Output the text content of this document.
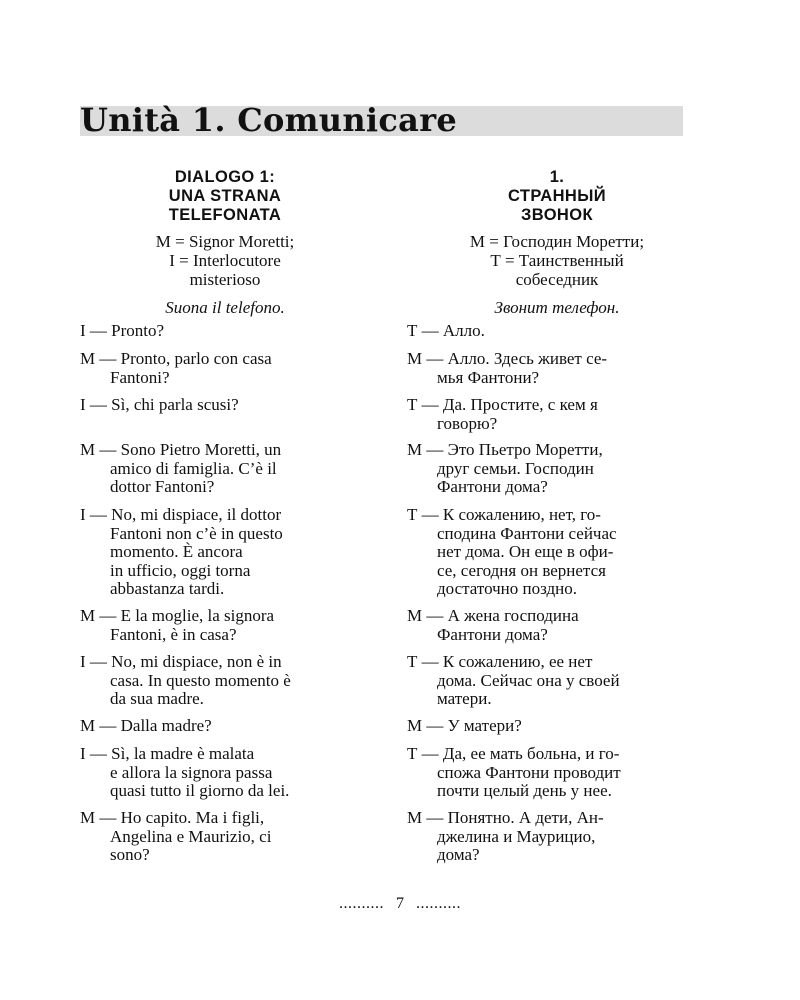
Unità 1. Comunicare
DIALOGO 1:
UNA STRANA
TELEFONATA
M = Signor Moretti;
I = Interlocutore
misterioso
Suona il telefono.
1.
СТРАННЫЙ
ЗВОНОК
М = Господин Моретти;
Т = Таинственный
собеседник
Звонит телефон.
I — Pronto?
M — Pronto, parlo con casa
Fantoni?
I — Sì, chi parla scusi?
M — Sono Pietro Moretti, un
amico di famiglia. C’è il
dottor Fantoni?
I — No, mi dispiace, il dottor
Fantoni non c’è in questo
momento. È ancora
in ufficio, oggi torna
abbastanza tardi.
M — E la moglie, la signora
Fantoni, è in casa?
I — No, mi dispiace, non è in
casa. In questo momento è
da sua madre.
M — Dalla madre?
I — Sì, la madre è malata
e allora la signora passa
quasi tutto il giorno da lei.
M — Ho capito. Ma i figli,
Angelina e Maurizio, ci
sono?
Т — Алло.
М — Алло. Здесь живет се-
мья Фантони?
Т — Да. Простите, с кем я
говорю?
М — Это Пьетро Моретти,
друг семьи. Господин
Фантони дома?
Т — К сожалению, нет, го-
сподина Фантони сейчас
нет дома. Он еще в офи-
се, сегодня он вернется
достаточно поздно.
М — А жена господина
Фантони дома?
Т — К сожалению, ее нет
дома. Сейчас она у своей
матери.
М — У матери?
Т — Да, ее мать больна, и го-
спожа Фантони проводит
почти целый день у нее.
М — Понятно. А дети, Ан-
джелина и Маурицио,
дома?
.......... 7 ..........
